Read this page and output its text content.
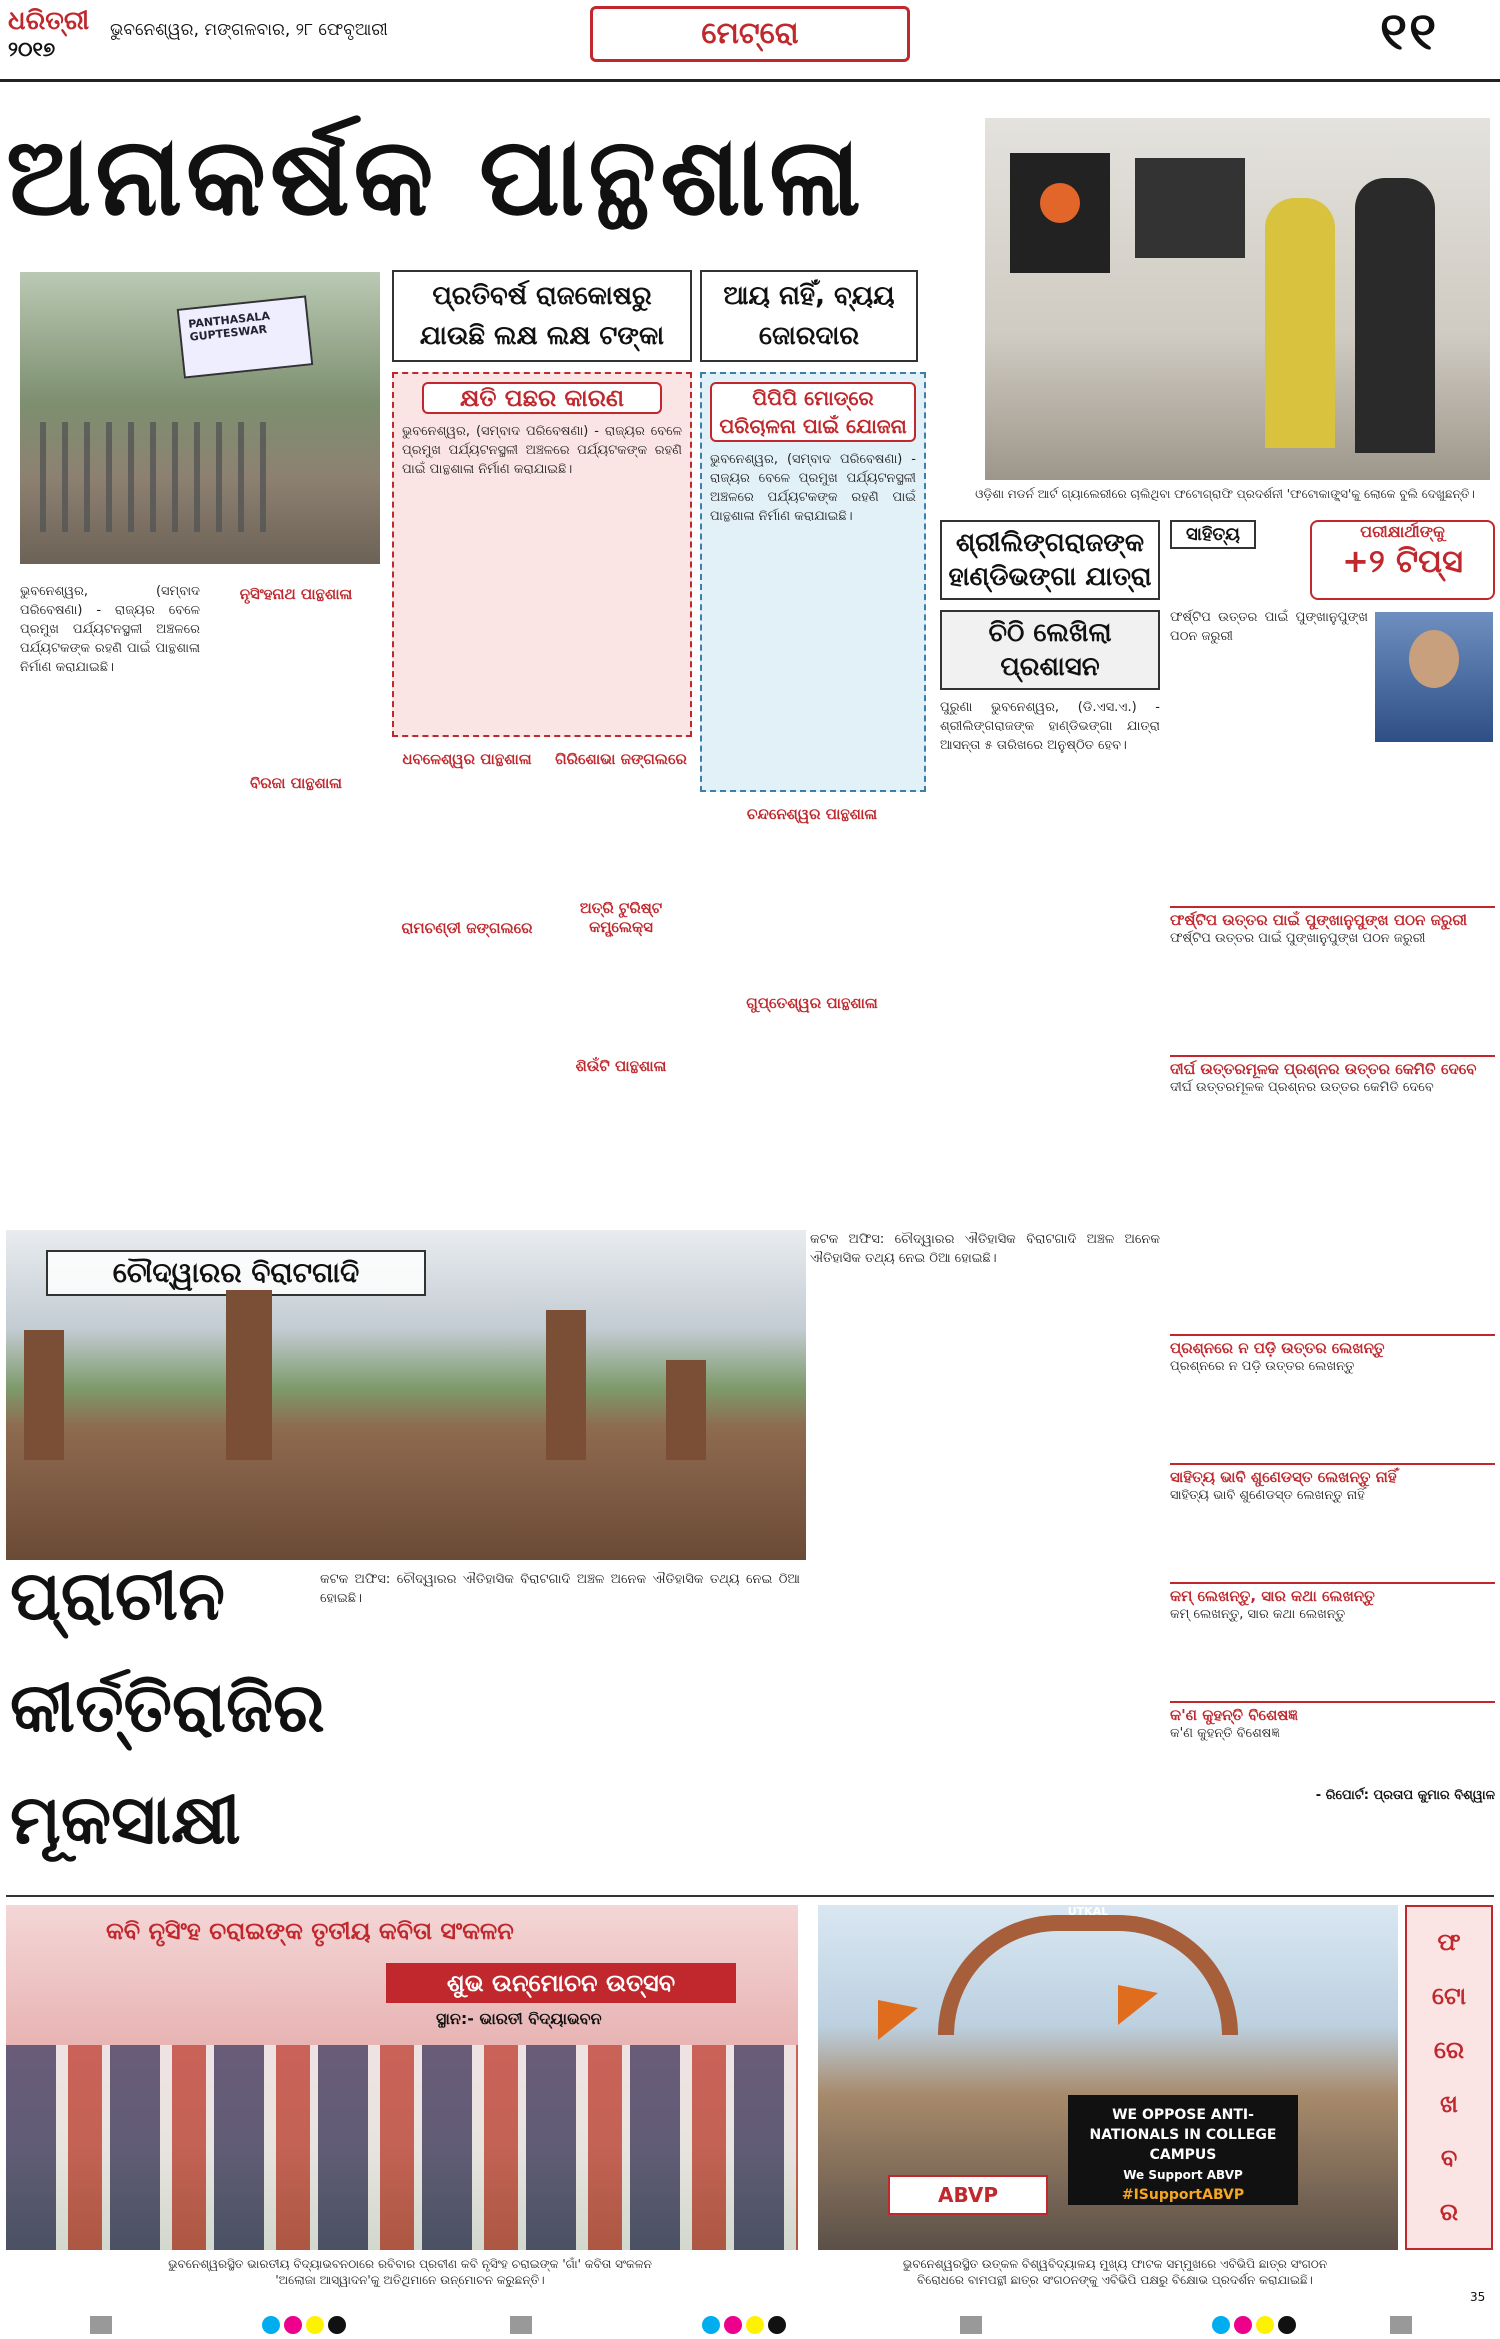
ଧରିତ୍ରୀ
୨୦୧୭
ଭୁବନେଶ୍ୱର, ମଙ୍ଗଳବାର, ୨୮ ଫେବୃଆରୀ	ମେଟ୍ରୋ	୧୧
ଅନାକର୍ଷକ ପାନ୍ଥଶାଳା
PANTHASALA GUPTESWAR
ପ୍ରତିବର୍ଷ ରାଜକୋଷରୁ ଯାଉଛି ଲକ୍ଷ ଲକ୍ଷ ଟଙ୍କା
ଆୟ ନାହିଁ, ବ୍ୟୟ ଜୋରଦାର
କ୍ଷତି ପଛର କାରଣ
ଭୁବନେଶ୍ୱର, (ସମ୍ବାଦ ପରିବେଷଣା) - ରାଜ୍ୟର ବେଳେ ପ୍ରମୁଖ ପର୍ଯ୍ୟଟନସ୍ଥଳୀ ଅଞ୍ଚଳରେ ପର୍ଯ୍ୟଟକଙ୍କ ରହଣି ପାଇଁ ପାନ୍ଥଶାଳା ନିର୍ମାଣ କରାଯାଇଛି।
ପିପିପି ମୋଡ୍‌ରେ ପରିଚାଳନା ପାଇଁ ଯୋଜନା
ଭୁବନେଶ୍ୱର, (ସମ୍ବାଦ ପରିବେଷଣା) - ରାଜ୍ୟର ବେଳେ ପ୍ରମୁଖ ପର୍ଯ୍ୟଟନସ୍ଥଳୀ ଅଞ୍ଚଳରେ ପର୍ଯ୍ୟଟକଙ୍କ ରହଣି ପାଇଁ ପାନ୍ଥଶାଳା ନିର୍ମାଣ କରାଯାଇଛି।
ଭୁବନେଶ୍ୱର, (ସମ୍ବାଦ ପରିବେଷଣା) - ରାଜ୍ୟର ବେଳେ ପ୍ରମୁଖ ପର୍ଯ୍ୟଟନସ୍ଥଳୀ ଅଞ୍ଚଳରେ ପର୍ଯ୍ୟଟକଙ୍କ ରହଣି ପାଇଁ ପାନ୍ଥଶାଳା ନିର୍ମାଣ କରାଯାଇଛି।
ନୃସିଂହନାଥ ପାନ୍ଥଶାଳା
ବିରଜା ପାନ୍ଥଶାଳା
ଧବଳେଶ୍ୱର ପାନ୍ଥଶାଳା
ରାମଚଣ୍ଡୀ ଜଙ୍ଗଲରେ
ଗିରିଶୋଭା ଜଙ୍ଗଲରେ
ଅତ୍ରି ଟୁରିଷ୍ଟ କମ୍ପ୍ଲେକ୍ସ
ଶିଉଁଟି ପାନ୍ଥଶାଳା
ଚନ୍ଦନେଶ୍ୱର ପାନ୍ଥଶାଳା
ଗୁପ୍ତେଶ୍ୱର ପାନ୍ଥଶାଳା
ଓଡ଼ିଶା ମଡର୍ନ ଆର୍ଟ ଗ୍ୟାଲେରୀରେ ଚାଲିଥିବା ଫଟୋଗ୍ରାଫି ପ୍ରଦର୍ଶନୀ 'ଫଟୋକାଙ୍କ୍ସ'କୁ ଲୋକେ ବୁଲି ଦେଖୁଛନ୍ତି।
ଶ୍ରୀଲିଙ୍ଗରାଜଙ୍କ ହାଣ୍ଡିଭଙ୍ଗା ଯାତ୍ରା
ଚିଠି ଲେଖିଲା ପ୍ରଶାସନ
ପୁରୁଣା ଭୁବନେଶ୍ୱର, (ଡି.ଏସ.ଏ.) - ଶ୍ରୀଲିଙ୍ଗରାଜଙ୍କ ହାଣ୍ଡିଭଙ୍ଗା ଯାତ୍ରା ଆସନ୍ତା ୫ ତାରିଖରେ ଅନୁଷ୍ଠିତ ହେବ।
ସାହିତ୍ୟ	ପରୀକ୍ଷାର୍ଥୀଙ୍କୁ
+୨ ଟିପ୍ସ
ଫର୍ଷ୍ଟିପ ଉତ୍ତର ପାଇଁ ପୁଙ୍ଖାନୁପୁଙ୍ଖ ପଠନ ଜରୁରୀ
ଫର୍ଷ୍ଟିପ ଉତ୍ତର ପାଇଁ ପୁଙ୍ଖାନୁପୁଙ୍ଖ ପଠନ ଜରୁରୀ
ଫର୍ଷ୍ଟିପ ଉତ୍ତର ପାଇଁ ପୁଙ୍ଖାନୁପୁଙ୍ଖ ପଠନ ଜରୁରୀ
ଦୀର୍ଘ ଉତ୍ତରମୂଳକ ପ୍ରଶ୍ନର ଉତ୍ତର କେମିତି ଦେବେ
ଦୀର୍ଘ ଉତ୍ତରମୂଳକ ପ୍ରଶ୍ନର ଉତ୍ତର କେମିତି ଦେବେ
ପ୍ରଶ୍ନରେ ନ ପଡ଼ି ଉତ୍ତର ଲେଖନ୍ତୁ
ପ୍ରଶ୍ନରେ ନ ପଡ଼ି ଉତ୍ତର ଲେଖନ୍ତୁ
ସାହିତ୍ୟ ଭାବି ଶୁଣେଡସ୍ତ ଲେଖନ୍ତୁ ନାହିଁ
ସାହିତ୍ୟ ଭାବି ଶୁଣେଡସ୍ତ ଲେଖନ୍ତୁ ନାହିଁ
କମ୍ ଲେଖନ୍ତୁ, ସାର କଥା ଲେଖନ୍ତୁ
କମ୍ ଲେଖନ୍ତୁ, ସାର କଥା ଲେଖନ୍ତୁ
କ'ଣ କୁହନ୍ତି ବିଶେଷଜ୍ଞ
କ'ଣ କୁହନ୍ତି ବିଶେଷଜ୍ଞ
- ରିପୋର୍ଟ: ପ୍ରତାପ କୁମାର ବିଶ୍ୱାଳ
ଚୌଦ୍ୱାରର ବିରାଟଗାଦି
ପ୍ରାଚୀନ
କୀର୍ତ୍ତିରାଜିର
ମୂକସାକ୍ଷୀ
କଟକ ଅଫିସ: ଚୌଦ୍ୱାରର ଐତିହାସିକ ବିରାଟଗାଦି ଅଞ୍ଚଳ ଅନେକ ଐତିହାସିକ ତଥ୍ୟ ନେଇ ଠିଆ ହୋଇଛି।
କଟକ ଅଫିସ: ଚୌଦ୍ୱାରର ଐତିହାସିକ ବିରାଟଗାଦି ଅଞ୍ଚଳ ଅନେକ ଐତିହାସିକ ତଥ୍ୟ ନେଇ ଠିଆ ହୋଇଛି।
କବି ନୃସିଂହ ଚରାଇଙ୍କ ତୃତୀୟ କବିତା ସଂକଳନ
ଶୁଭ ଉନ୍ମୋଚନ ଉତ୍ସବ
ସ୍ଥାନ:- ଭାରତୀ ବିଦ୍ୟାଭବନ
ଭୁବନେଶ୍ୱରସ୍ଥିତ ଭାରତୀୟ ବିଦ୍ୟାଭବନଠାରେ ରବିବାର ପ୍ରବୀଣ କବି ନୃସିଂହ ଚରାଇଙ୍କ 'ଗାଁ' କବିତା ସଂକଳନ 'ଅଲୋଜା ଆସ୍ୱାଦନ'କୁ ଅତିଥିମାନେ ଉନ୍ମୋଚନ କରୁଛନ୍ତି।
UTKAL
WE OPPOSE ANTI-NATIONALS IN COLLEGE CAMPUS
We Support ABVP
#ISupportABVP
ABVP
ଭୁବନେଶ୍ୱରସ୍ଥିତ ଉତ୍କଳ ବିଶ୍ୱବିଦ୍ୟାଳୟ ମୁଖ୍ୟ ଫାଟକ ସମ୍ମୁଖରେ ଏବିଭିପି ଛାତ୍ର ସଂଗଠନ ବିରୋଧରେ ବାମପନ୍ଥୀ ଛାତ୍ର ସଂଗଠନଙ୍କୁ ଏବିଭିପି ପକ୍ଷରୁ ବିକ୍ଷୋଭ ପ୍ରଦର୍ଶନ କରାଯାଇଛି।
ଫ
ଟୋ
ରେ
ଖ
ବ
ର
35
